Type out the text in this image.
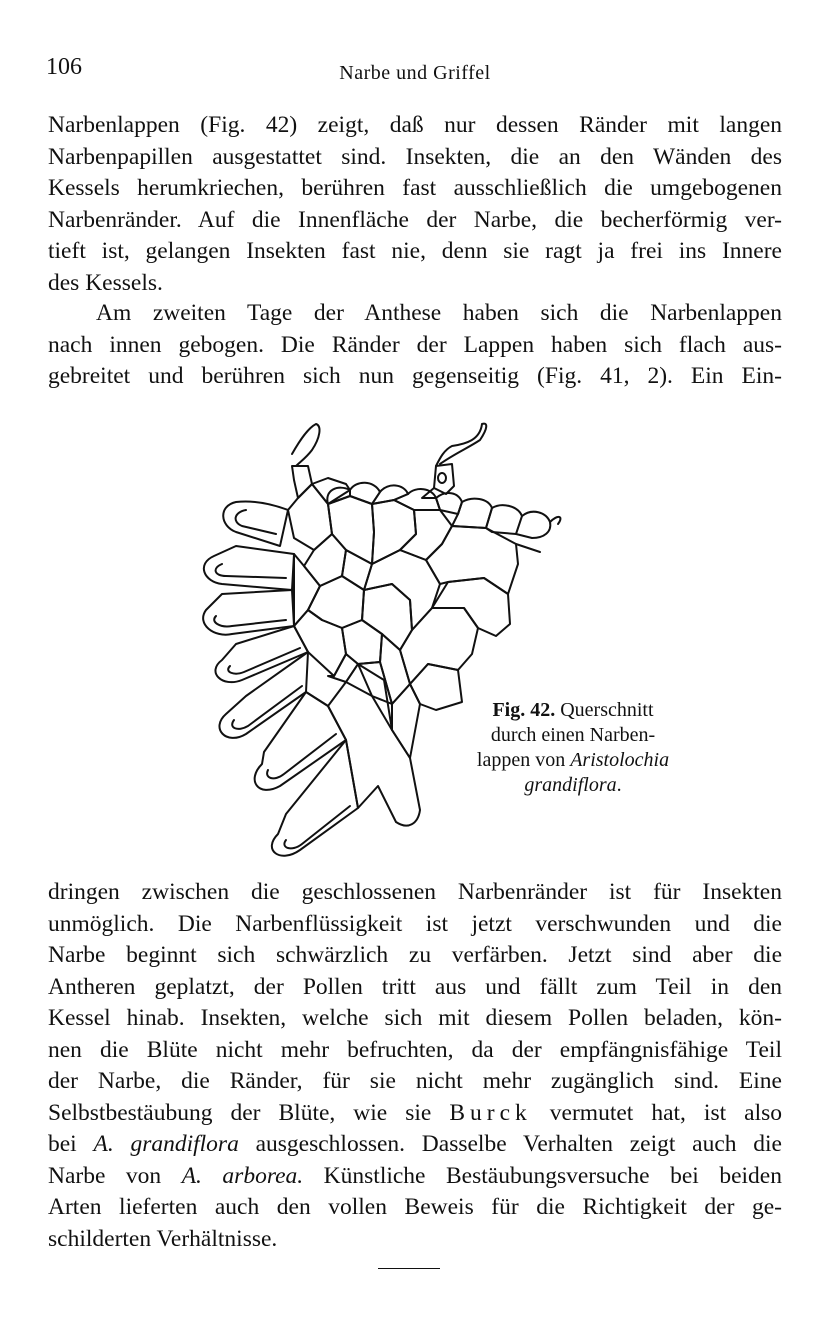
106	Narbe und Griffel

Narbenlappen (Fig. 42) zeigt, daß nur dessen Ränder mit langen
Narbenpapillen ausgestattet sind. Insekten, die an den Wänden des
Kessels herumkriechen, berühren fast ausschließlich die umgebogenen
Narbenränder. Auf die Innenfläche der Narbe, die becherförmig ver-
tieft ist, gelangen Insekten fast nie, denn sie ragt ja frei ins Innere
des Kessels.

Am zweiten Tage der Anthese haben sich die Narbenlappen
nach innen gebogen. Die Ränder der Lappen haben sich flach aus-
gebreitet und berühren sich nun gegenseitig (Fig. 41, 2). Ein Ein-

Fig. 42. Querschnitt
durch einen Narben-
lappen von Aristolochia
grandiflora.

dringen zwischen die geschlossenen Narbenränder ist für Insekten
unmöglich. Die Narbenflüssigkeit ist jetzt verschwunden und die
Narbe beginnt sich schwärzlich zu verfärben. Jetzt sind aber die
Antheren geplatzt, der Pollen tritt aus und fällt zum Teil in den
Kessel hinab. Insekten, welche sich mit diesem Pollen beladen, kön-
nen die Blüte nicht mehr befruchten, da der empfängnisfähige Teil
der Narbe, die Ränder, für sie nicht mehr zugänglich sind. Eine
Selbstbestäubung der Blüte, wie sie Burck vermutet hat, ist also
bei A. grandiflora ausgeschlossen. Dasselbe Verhalten zeigt auch die
Narbe von A. arborea. Künstliche Bestäubungsversuche bei beiden
Arten lieferten auch den vollen Beweis für die Richtigkeit der ge-
schilderten Verhältnisse.
